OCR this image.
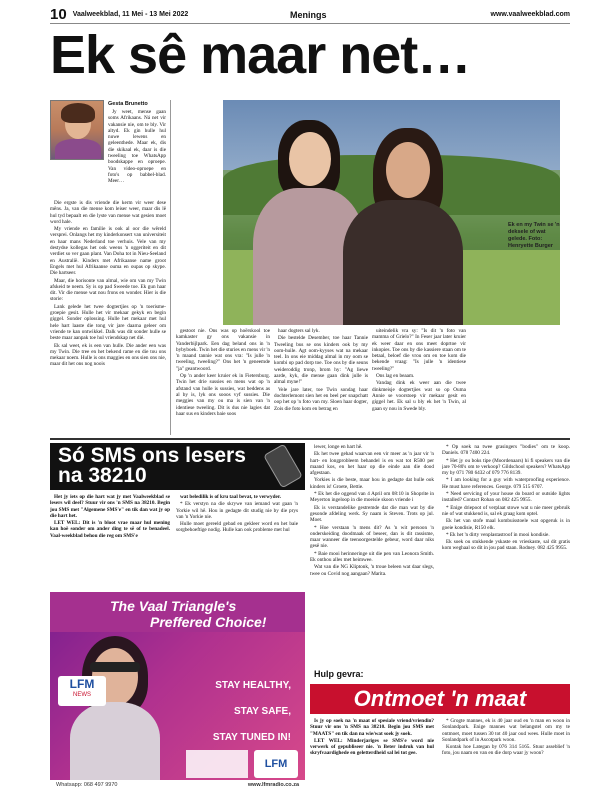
10 Vaalweekblad, 11 Mei - 13 Mei 2022	Menings	www.vaalweekblad.com
Ek sê maar net…
Gesta Brunetto

Jy weet, mense gaan soms Afrikaans. Ná net vir vakansie nie, om te bly. Vir altyd. Ek gin hulle hul nuwe lewens en geleenthede. Maar ek, dis die skikaal ek, daar is die tweeling toe WhatsApp boodskappe en oproepe. Van video-oproepe en foto's op babbel-blad. Meer…

Die ergste is dis vriende die kerm vir weer dese mêns. Ja, van die mense kom leiser weer, maar dis lê hul tyd bepaalt en die lyste van mense wat gesien moet word hale.

My vriende en familie is ook al oor die wêreld versprei. Onlangs het my kinderkonsert van universiteit en haar mans Nederland toe verhuis. Vele van my destydse kollegas het ook weens 'n oggeriteit en dit verdiet so ver gaan plant. Van Doha tot in Nieu-Seeland en Australië. Kinders met Afrikaanse name groot Engels met hul Afrikaanse ouma en oupas op skype. Die hartseer.

Maar, die horisonte van almal, wie om van my Twin afskeid te neem. Sy is op pad Sweede toe. Ek gun haar dit. Vir die mense wat nou frons en wonder. Hier is die storie:

Lank gelede het twee dogtertjies op 'n toerisme-groepie gesit. Hulle het vir mekaar gekyk en begin giggel. Sonder oplossing. Hulle het mekaar met hul hele hart laaste die tong vir jare daarna geleer om vriende te kan ontwikkel. Dalk was dit sonder hulle se beste maar aanpak toe hul vriendskap net dié.

Ek sal weet, ek is een van hulle. Die ander een was my Twin. Die tree en het bekend rame en die tou ons mekaar noem. Hulle is ons maggies en ons sien ons nie, maar dit het ons nog noois

Ek en my Twin se 'n deksele of wat gelede. Foto: Henryette Burger

gestoot nie. Ons was op hoërskool toe kamkaster gy ons vakansie in Vanderbijlpark. Een dag beland ons in 'n bybyboek. Twin het die sturies en mens vir 'n 'n maand tannie wat ons vra: "Is julle 'n tweeling, tweeling?" Ons het 'n geneemde "ja" geantwoord.

Op 'n ander keer kruier ek in Fietersburg. Twin het drie sussies en mens wat op 'n afstand van hulle is sussies, wat beddens as al by is, lyk ons sooos vyf sussies. Die meggies van my ou ma is sien van 'n identiese tweeling. Dit is dus nie lagies dat haar sus en kinders baie soos

haar dogters sal lyk.

Die bestelde Desember, toe haar Tannie Tweeling bus se ons kinders ook by my oom-huile. Agt oom-kyyses wat na mekaar teel. In ons eie middag almal in my oom se kombi op pad dorp toe. Toe ons by die seuns weideroddig tronp, brom hy: "Ag liewe aarde, kyk, die mense gaan dink julle is almal myne!"

Vele jare later, toe Twin sondag haar dochterlemont sien het en beel per snapchatt oop het op 'n foto van my. Sloen haar dogter, Zois die foto kom en betrag en

uiteindelik vra sy: "Is dit 'n foto van mamma of Grielo?" In Feser jaar later kruier ek weer daar en ons meet doprtoe vir inkopies. Toe ons by die kassiere staan om te betaal, beloef die vrou om en toe kom die bekende vraag: "Is julle 'n identiese tweeling?"

Ons lag en beaam.

Vandag dink ek weer aan die twee dinkmeisje dogtertjies wat so op Ouma Annie se voorstoep vir mekaar gesit en giggel het. Ek sal u bly ek het 'n Twin, al gaan sy nou in Swede bly.

Só SMS ons lesers
na 38210

Het jy iets op die hart wat jy met Vaalweekblad se lesers wil deel? Stuur vir ons 'n SMS na 38210. Begin jou SMS met "Algemene SMS'e" en tik dan wat jy op die hart het.

LET WEL: Dit is 'n bloot vrae maar hul mening kan hoë sonder om ander ding te sê of te benadeel. Vaal-weekblad behou die reg om SMS'e

wat beledilik is of kru taal bevat, te verwyder.

* Ek verstyn na die skrywe van iemand wat gaan 'n Yorkie wil hê. Hou in gedagte dit studig nie by die prys van 'n Yorkie nie.

Hulle moet gereeld gebad en gekleer word en het baie sorgbehoeftige nodig. Hulle kan ook probleme met hul

lewer, longe en hart hê.

Ek het twee gehad waarvan een vir meer as 'n jaar vir 'n hart- en longprobleem behandel is en wat tot R500 per maand kos, en het haar op die einde aan die dood afgestaan.

Yorkies is die beste, maar hou in gedagte dat hulle ook kinders is! Groete, Bettie.

* Ek het die oggend van 4 April om 08:10 in Shoprite in Meyerton ingeloop in die moeisie skoon vriende i

Ek is verstandelike gestremde dat die man wat by die gesonde afdeling werk. Sy naam is Steven. Trots op jul. Moet.

* Hoe verstaan 'n mens dit? As 'n wit persoon 'n onderskeiding doodmaak of beseer, dan is dit rassisme, maar wanneer die teenoorgestelde gebeur, word daar niks gesê nie.

* Baie mooi herinneringe uit die pen van Leonora Smith. Ek onthou alles met heimwee.

Wat van die NG Kliptonk, 'n troue beleen wat daar slegs, twee ou Covid nog aangaan? Marita.

Hulp gevra:

* Op soek na twee grasingers "bodies" om te koop. Daniels. 078 7400 224.

* Het jy ou boks tipe (Moordenaars) hi fi speakers van die jare 70-80's om te verkoop? Gildschool speakers? WhatsApp my by 071 780 6432 of 079 776 8139.

* I am looking for a guy with waterproofing experience. He must have references. George. 079 515 6707.

* Need servicing of your house do board or outside lights installed? Contact Rohan on 082 425 9955.

* Enige driepoot of verplaat stowe wat u nie meer gebruik nie of wat stukkend is, sal ek graag kom optel.

Ek het van stofe maal kombuisstoele wat opgeruk is in goeie kondisie, R150 elk.

* Ek het 'n dirty venplastastroof in mooi kondisie.

Ek soek ou stukkende yskaste en vrieskaste, sal dit gratis kom weghaal so dit in jou pad staan. Rodney. 082 425 9955.

The Vaal Triangle's
Preffered Choice!
LFM
NEWS
STAY HEALTHY,
STAY SAFE,
STAY TUNED IN!
LFM
Whatsapp: 068 497 9970	www.lfmradio.co.za
Ontmoet 'n maat

Is jy op soek na 'n maat of spesiale vriend/vriendin? Stuur vir ons 'n SMS na 38210. Begin jou SMS met "MAATS" en tik dan na wie/wat soek jy soek.

LET WEL: Minderjariges se SMS'e word nie verwerk of gepubliseer nie. 'n Beter indruk van hul skryfvaardighede en geletterdheid sal lei tot gee.

* Grogte mannes, ek is 40 jaar oud en 'n man en woon in Sonlandpark. Enige mannes wat belangstel om my te ontmoet, moet tussen 30 tot 40 jaar oud wees. Hulle moet in Sonlandpark of in Ascotpark woon.

Kontak hoe Lategan by 076 314 5165. Stuur asseblief 'n foto, jou naam en van en die dorp waar jy woon?
